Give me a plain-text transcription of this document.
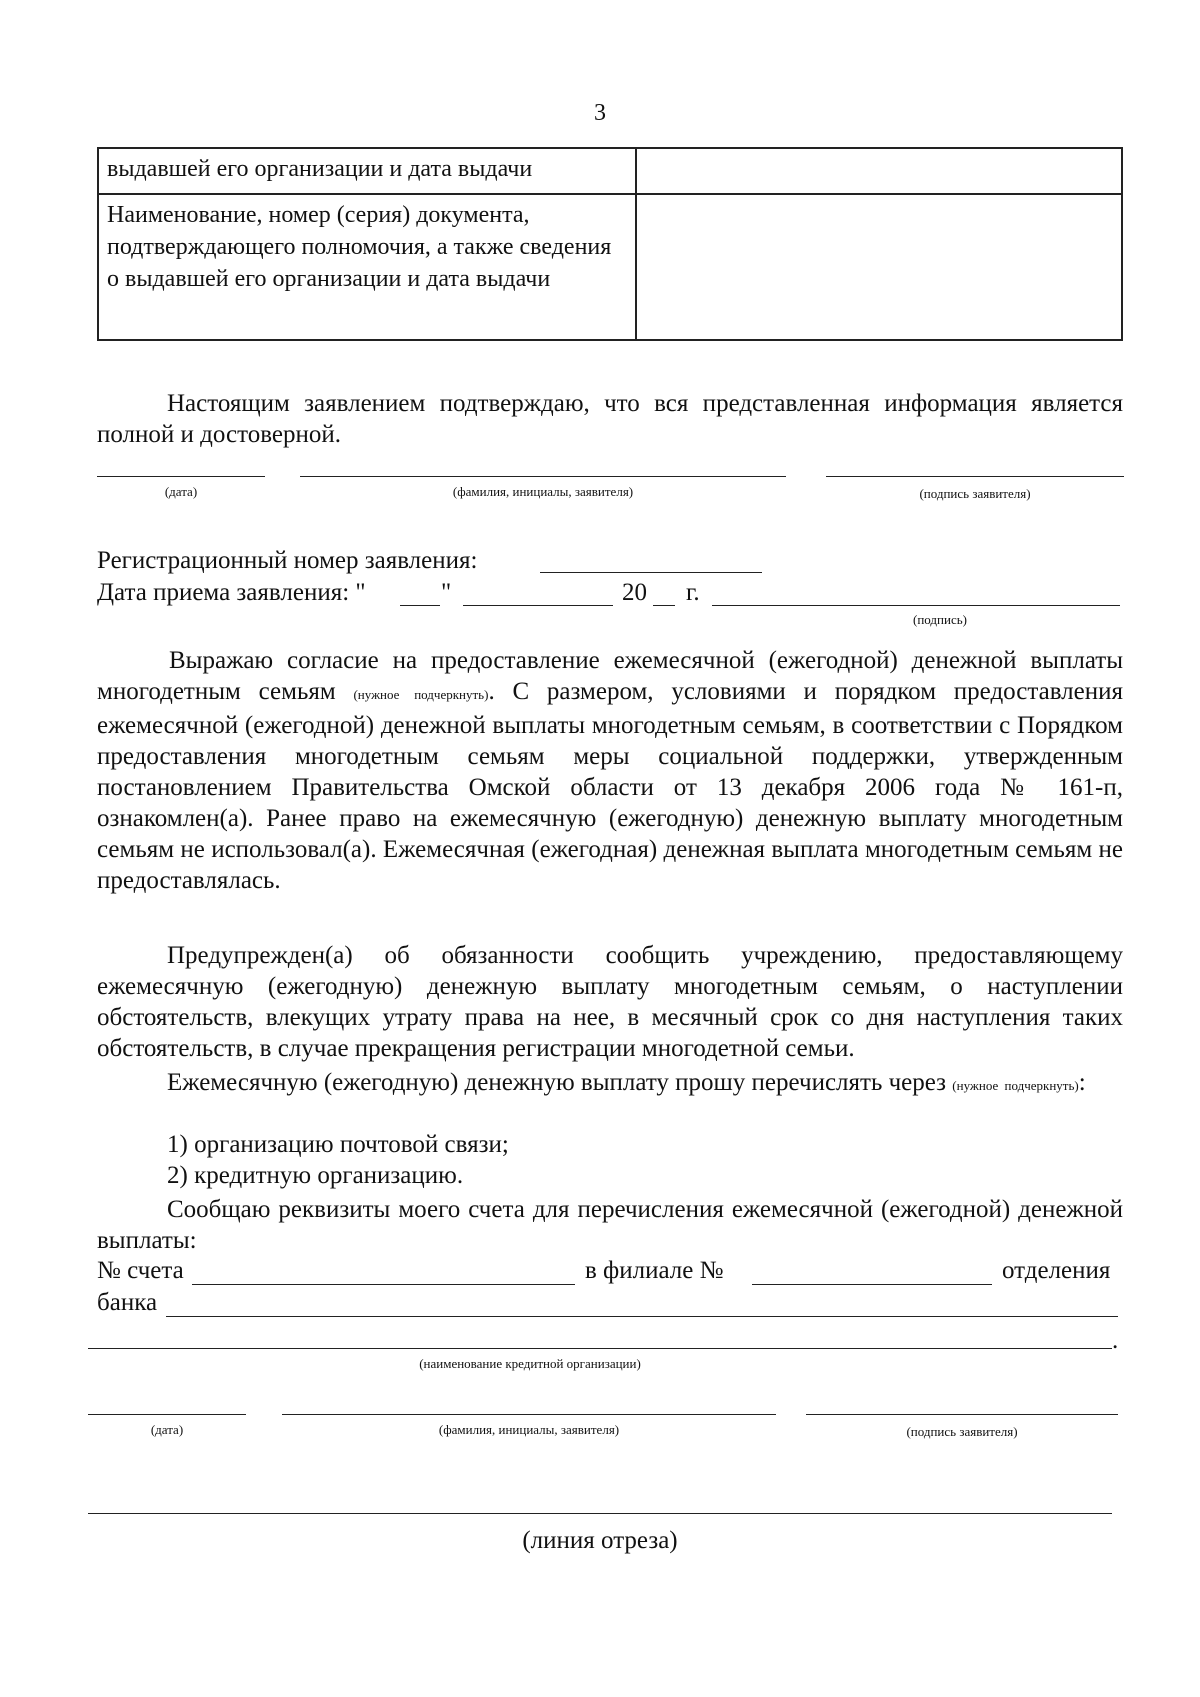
3
выдавшей его организации и дата выдачи	
Наименование, номер (серия) документа, подтверждающего полномочия, а также сведения о выдавшей его организации и дата выдачи	
Настоящим заявлением подтверждаю, что вся представленная информация является полной и достоверной.
(дата)	(фамилия, инициалы, заявителя)	(подпись заявителя)
Регистрационный номер заявления:
Дата приема заявления: "	"	20 г.
(подпись)
Выражаю согласие на предоставление ежемесячной (ежегодной) денежной выплаты многодетным семьям (нужное подчеркнуть). С размером, условиями и порядком предоставления ежемесячной (ежегодной) денежной выплаты многодетным семьям, в соответствии с Порядком предоставления многодетным семьям меры социальной поддержки, утвержденным постановлением Правительства Омской области от 13 декабря 2006 года № 161-п, ознакомлен(а). Ранее право на ежемесячную (ежегодную) денежную выплату многодетным семьям не использовал(а). Ежемесячная (ежегодная) денежная выплата многодетным семьям не предоставлялась.
Предупрежден(а) об обязанности сообщить учреждению, предоставляющему ежемесячную (ежегодную) денежную выплату многодетным семьям, о наступлении обстоятельств, влекущих утрату права на нее, в месячный срок со дня наступления таких обстоятельств, в случае прекращения регистрации многодетной семьи.
Ежемесячную (ежегодную) денежную выплату прошу перечислять через (нужное подчеркнуть):
1) организацию почтовой связи;
2) кредитную организацию.
Сообщаю реквизиты моего счета для перечисления ежемесячной (ежегодной) денежной выплаты:
№ счета	в филиале №	отделения
банка
.
(наименование кредитной организации)
(дата)	(фамилия, инициалы, заявителя)	(подпись заявителя)
(линия отреза)
